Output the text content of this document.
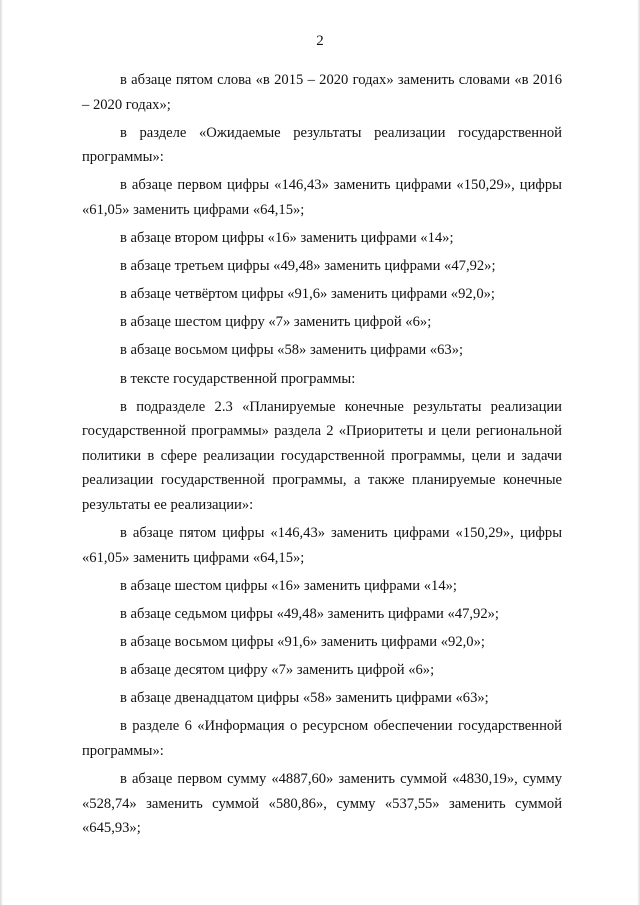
2

в абзаце пятом слова «в 2015 – 2020 годах» заменить словами «в 2016 – 2020 годах»;

в разделе «Ожидаемые результаты реализации государственной программы»:

в абзаце первом цифры «146,43» заменить цифрами «150,29», цифры «61,05» заменить цифрами «64,15»;

в абзаце втором цифры «16» заменить цифрами «14»;

в абзаце третьем цифры «49,48» заменить цифрами «47,92»;

в абзаце четвёртом цифры «91,6» заменить цифрами «92,0»;

в абзаце шестом цифру «7» заменить цифрой «6»;

в абзаце восьмом цифры «58» заменить цифрами «63»;

в тексте государственной программы:

в подразделе 2.3 «Планируемые конечные результаты реализации государственной программы» раздела 2 «Приоритеты и цели региональной политики в сфере реализации государственной программы, цели и задачи реализации государственной программы, а также планируемые конечные результаты ее реализации»:

в абзаце пятом цифры «146,43» заменить цифрами «150,29», цифры «61,05» заменить цифрами «64,15»;

в абзаце шестом цифры «16» заменить цифрами «14»;

в абзаце седьмом цифры «49,48» заменить цифрами «47,92»;

в абзаце восьмом цифры «91,6» заменить цифрами «92,0»;

в абзаце десятом цифру «7» заменить цифрой «6»;

в абзаце двенадцатом цифры «58» заменить цифрами «63»;

в разделе 6 «Информация о ресурсном обеспечении государственной программы»:

в абзаце первом сумму «4887,60» заменить суммой «4830,19», сумму «528,74» заменить суммой «580,86», сумму «537,55» заменить суммой «645,93»;
